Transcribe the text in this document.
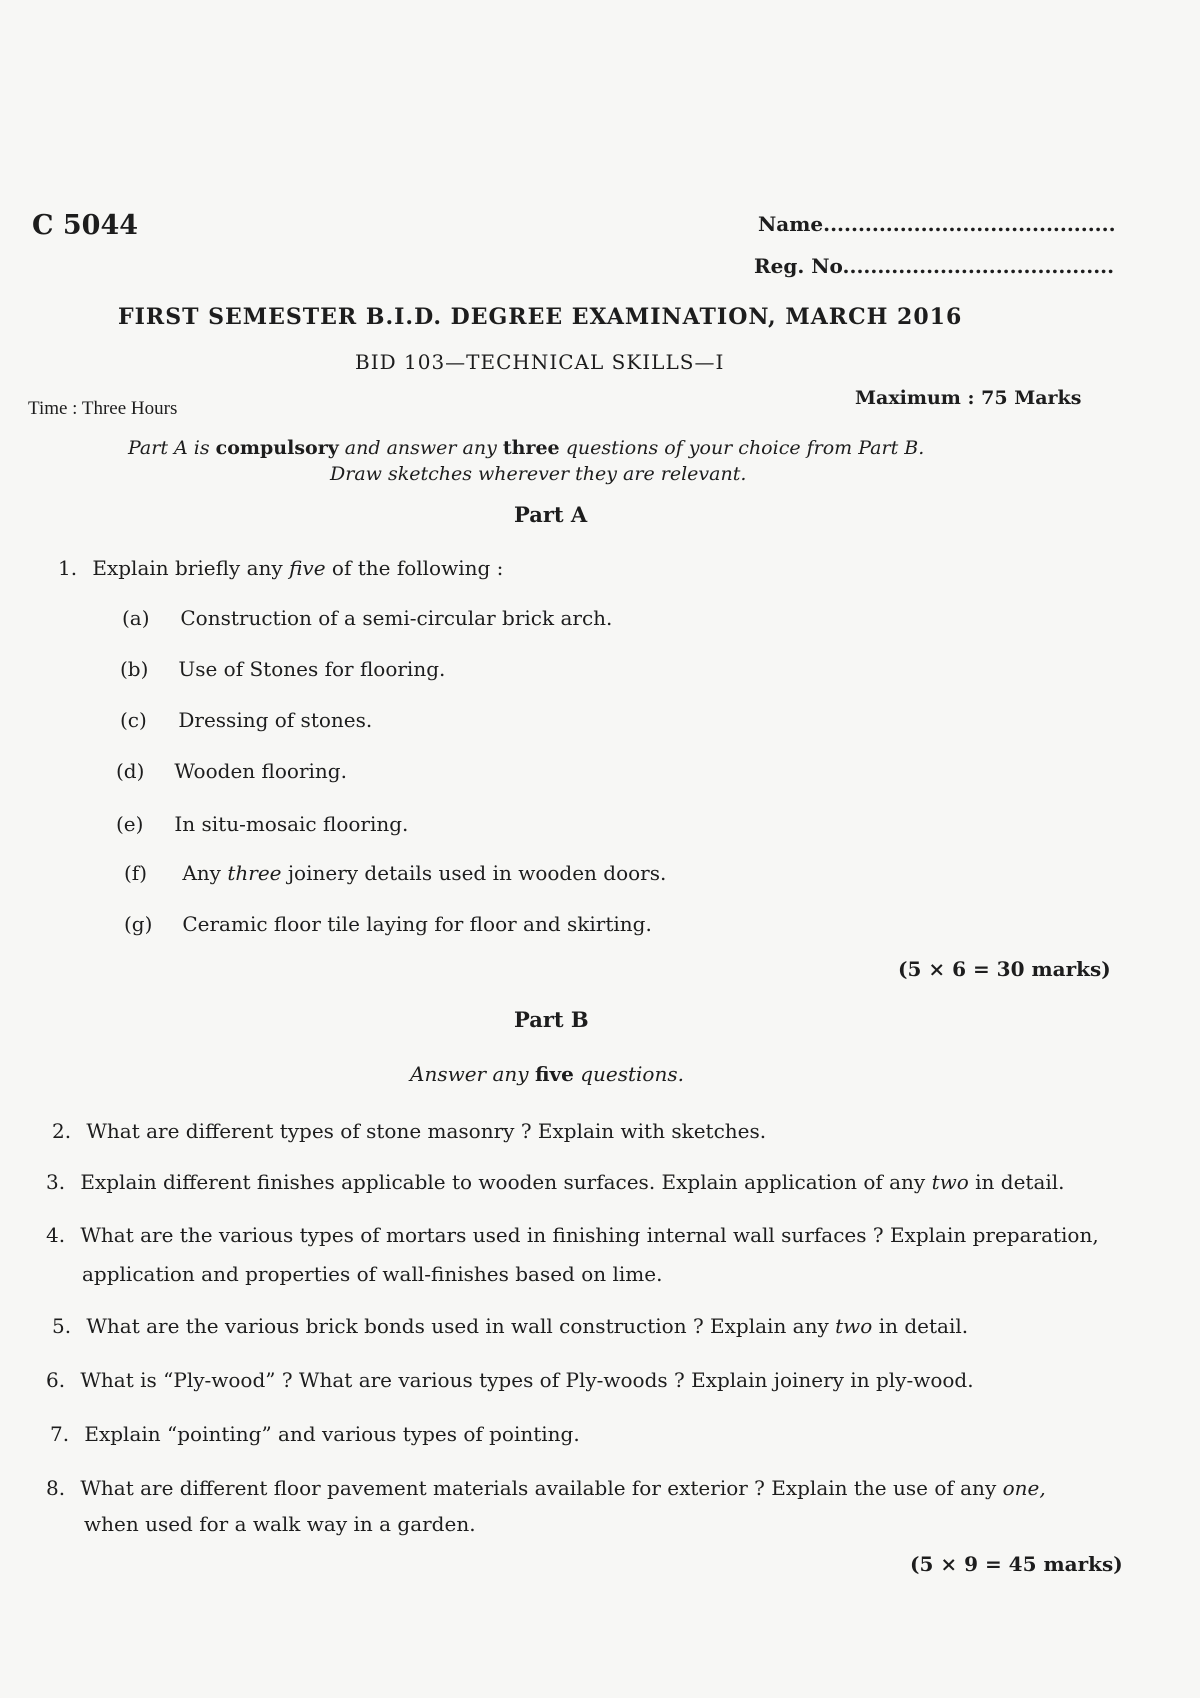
C 5044	Name..........................................
Reg. No.......................................
FIRST SEMESTER B.I.D. DEGREE EXAMINATION, MARCH 2016
BID 103—TECHNICAL SKILLS—I
Time : Three Hours	Maximum : 75 Marks
Part A is compulsory and answer any three questions of your choice from Part B.
Draw sketches wherever they are relevant.
Part A
1. Explain briefly any five of the following :
(a) Construction of a semi-circular brick arch.
(b) Use of Stones for flooring.
(c) Dressing of stones.
(d) Wooden flooring.
(e) In situ-mosaic flooring.
(f) Any three joinery details used in wooden doors.
(g) Ceramic floor tile laying for floor and skirting.
(5 × 6 = 30 marks)
Part B
Answer any five questions.
2. What are different types of stone masonry ? Explain with sketches.
3. Explain different finishes applicable to wooden surfaces. Explain application of any two in detail.
4. What are the various types of mortars used in finishing internal wall surfaces ? Explain preparation,
application and properties of wall-finishes based on lime.
5. What are the various brick bonds used in wall construction ? Explain any two in detail.
6. What is “Ply-wood” ? What are various types of Ply-woods ? Explain joinery in ply-wood.
7. Explain “pointing” and various types of pointing.
8. What are different floor pavement materials available for exterior ? Explain the use of any one,
when used for a walk way in a garden.
(5 × 9 = 45 marks)
